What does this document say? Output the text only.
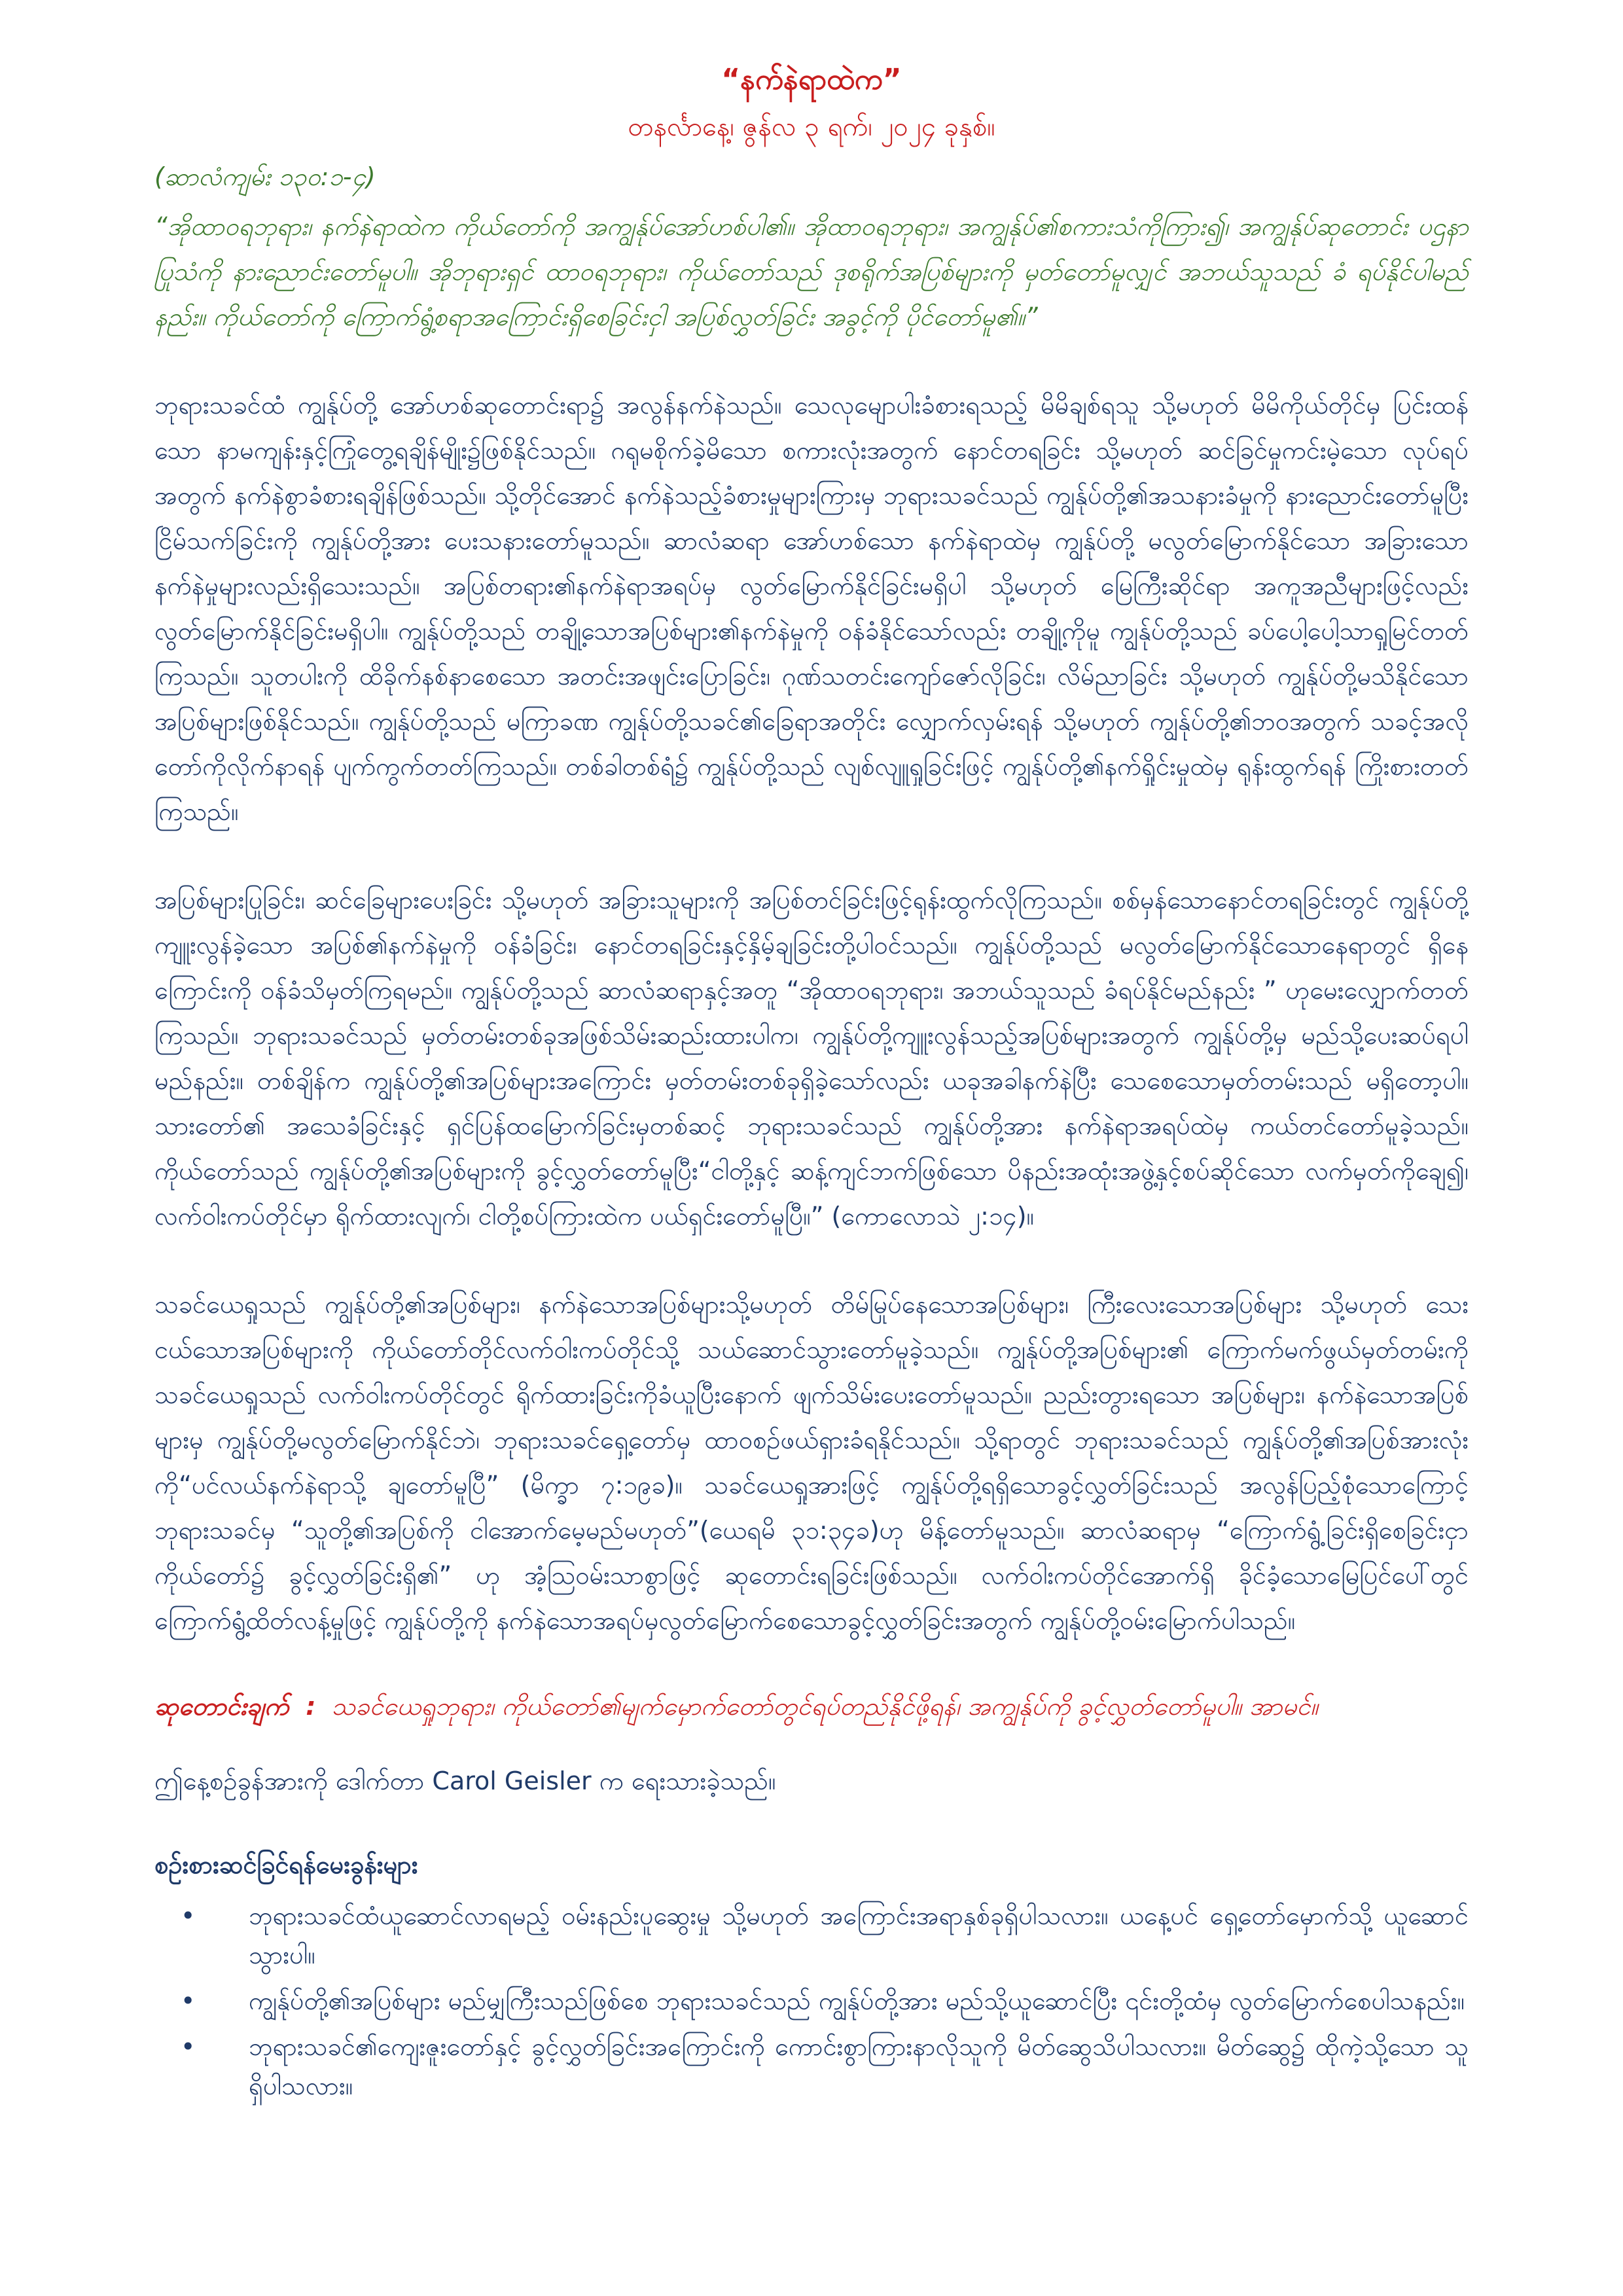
“နက်နဲရာထဲက”
တနင်္လာနေ့၊ ဇွန်လ ၃ ရက်၊ ၂၀၂၄ ခုနှစ်။
(ဆာလံကျမ်း ၁၃၀:၁-၄)
“အိုထာဝရဘုရား၊ နက်နဲရာထဲက ကိုယ်တော်ကို အကျွန်ုပ်အော်ဟစ်ပါ၏။ အိုထာဝရဘုရား၊ အကျွန်ုပ်၏စကားသံကိုကြား၍၊ အကျွန်ုပ်ဆုတောင်း ပဌနာပြုသံကို နားညောင်းတော်မူပါ။ အိုဘုရားရှင် ထာဝရဘုရား၊ ကိုယ်တော်သည် ဒုစရိုက်အပြစ်များကို မှတ်တော်မူလျှင် အဘယ်သူသည် ခံ ရပ်နိုင်ပါမည်နည်း။ ကိုယ်တော်ကို ကြောက်ရွံ့စရာအကြောင်းရှိစေခြင်းငှါ အပြစ်လွှတ်ခြင်း အခွင့်ကို ပိုင်တော်မူ၏။”

ဘုရားသခင်ထံ ကျွန်ုပ်တို့ အော်ဟစ်ဆုတောင်းရာ၌ အလွန်နက်နဲသည်။ သေလုမျောပါးခံစားရသည့် မိမိချစ်ရသူ သို့မဟုတ် မိမိကိုယ်တိုင်မှ ပြင်းထန်သော နာမကျန်းနှင့်ကြုံတွေ့ရချိန်မျိုး၌ဖြစ်နိုင်သည်။ ဂရုမစိုက်ခဲ့မိသော စကားလုံးအတွက် နောင်တရခြင်း သို့မဟုတ် ဆင်ခြင်မှုကင်းမဲ့သော လုပ်ရပ်အတွက် နက်နဲစွာခံစားရချိန်ဖြစ်သည်။ သို့တိုင်အောင် နက်နဲသည့်ခံစားမှုများကြားမှ ဘုရားသခင်သည် ကျွန်ုပ်တို့၏အသနားခံမှုကို နားညောင်းတော်မူပြီး ငြိမ်သက်ခြင်းကို ကျွန်ုပ်တို့အား ပေးသနားတော်မူသည်။ ဆာလံဆရာ အော်ဟစ်သော နက်နဲရာထဲမှ ကျွန်ုပ်တို့ မလွတ်မြောက်နိုင်သော အခြားသောနက်နဲမှုများလည်းရှိသေးသည်။ အပြစ်တရား၏နက်နဲရာအရပ်မှ လွတ်မြောက်နိုင်ခြင်းမရှိပါ သို့မဟုတ် မြေကြီးဆိုင်ရာ အကူအညီများဖြင့်လည်း လွတ်မြောက်နိုင်ခြင်းမရှိပါ။ ကျွန်ုပ်တို့သည် တချို့သောအပြစ်များ၏နက်နဲမှုကို ဝန်ခံနိုင်သော်လည်း တချို့ကိုမူ ကျွန်ုပ်တို့သည် ခပ်ပေါ့ပေါ့သာရှုမြင်တတ်ကြသည်။ သူတပါးကို ထိခိုက်နစ်နာစေသော အတင်းအဖျင်းပြောခြင်း၊ ဂုဏ်သတင်းကျော်ဇော်လိုခြင်း၊ လိမ်ညာခြင်း သို့မဟုတ် ကျွန်ုပ်တို့မသိနိုင်သော အပြစ်များဖြစ်နိုင်သည်။ ကျွန်ုပ်တို့သည် မကြာခဏ ကျွန်ုပ်တို့သခင်၏ခြေရာအတိုင်း လျှောက်လှမ်းရန် သို့မဟုတ် ကျွန်ုပ်တို့၏ဘဝအတွက် သခင့်အလိုတော်ကိုလိုက်နာရန် ပျက်ကွက်တတ်ကြသည်။ တစ်ခါတစ်ရံ၌ ကျွန်ုပ်တို့သည် လျစ်လျူရှုခြင်းဖြင့် ကျွန်ုပ်တို့၏နက်ရှိုင်းမှုထဲမှ ရုန်းထွက်ရန် ကြိုးစားတတ်ကြသည်။

အပြစ်များပြုခြင်း၊ ဆင်ခြေများပေးခြင်း သို့မဟုတ် အခြားသူများကို အပြစ်တင်ခြင်းဖြင့်ရုန်းထွက်လိုကြသည်။ စစ်မှန်သောနောင်တရခြင်းတွင် ကျွန်ုပ်တို့ကျူးလွန်ခဲ့သော အပြစ်၏နက်နဲမှုကို ဝန်ခံခြင်း၊ နောင်တရခြင်းနှင့်နှိမ့်ချခြင်းတို့ပါဝင်သည်။ ကျွန်ုပ်တို့သည် မလွတ်မြောက်နိုင်သောနေရာတွင် ရှိနေကြောင်းကို ဝန်ခံသိမှတ်ကြရမည်။ ကျွန်ုပ်တို့သည် ဆာလံဆရာနှင့်အတူ “အိုထာဝရဘုရား၊ အဘယ်သူသည် ခံရပ်နိုင်မည်နည်း ” ဟုမေးလျှောက်တတ်ကြသည်။ ဘုရားသခင်သည် မှတ်တမ်းတစ်ခုအဖြစ်သိမ်းဆည်းထားပါက၊ ကျွန်ုပ်တို့ကျူးလွန်သည့်အပြစ်များအတွက် ကျွန်ုပ်တို့မှ မည်သို့ပေးဆပ်ရပါမည်နည်း။ တစ်ချိန်က ကျွန်ုပ်တို့၏အပြစ်များအကြောင်း မှတ်တမ်းတစ်ခုရှိခဲ့သော်လည်း ယခုအခါနက်နဲပြီး သေစေသောမှတ်တမ်းသည် မရှိတော့ပါ။ သားတော်၏ အသေခံခြင်းနှင့် ရှင်ပြန်ထမြောက်ခြင်းမှတစ်ဆင့် ဘုရားသခင်သည် ကျွန်ုပ်တို့အား နက်နဲရာအရပ်ထဲမှ ကယ်တင်တော်မူခဲ့သည်။ ကိုယ်တော်သည် ကျွန်ုပ်တို့၏အပြစ်များကို ခွင့်လွှတ်တော်မူပြီး“ငါတို့နှင့် ဆန့်ကျင်ဘက်ဖြစ်သော ပိနည်းအထုံးအဖွဲ့နှင့်စပ်ဆိုင်သော လက်မှတ်ကိုချေ၍၊ လက်ဝါးကပ်တိုင်မှာ ရိုက်ထားလျက်၊ ငါတို့စပ်ကြားထဲက ပယ်ရှင်းတော်မူပြီ။” (ကောလောသဲ ၂:၁၄)။

သခင်ယေရှုသည် ကျွန်ုပ်တို့၏အပြစ်များ၊ နက်နဲသောအပြစ်များသို့မဟုတ် တိမ်မြုပ်နေသောအပြစ်များ၊ ကြီးလေးသောအပြစ်များ သို့မဟုတ် သေးငယ်သောအပြစ်များကို ကိုယ်တော်တိုင်လက်ဝါးကပ်တိုင်သို့ သယ်ဆောင်သွားတော်မူခဲ့သည်။ ကျွန်ုပ်တို့အပြစ်များ၏ ကြောက်မက်ဖွယ်မှတ်တမ်းကို သခင်ယေရှုသည် လက်ဝါးကပ်တိုင်တွင် ရိုက်ထားခြင်းကိုခံယူပြီးနောက် ဖျက်သိမ်းပေးတော်မူသည်။ ညည်းတွားရသော အပြစ်များ၊ နက်နဲသောအပြစ်များမှ ကျွန်ုပ်တို့မလွတ်မြောက်နိုင်ဘဲ၊ ဘုရားသခင်ရှေ့တော်မှ ထာဝစဉ်ဖယ်ရှားခံရနိုင်သည်။ သို့ရာတွင် ဘုရားသခင်သည် ကျွန်ုပ်တို့၏အပြစ်အားလုံးကို“ပင်လယ်နက်နဲရာသို့ ချတော်မူပြီ” (မိက္ခာ ၇:၁၉ခ)။ သခင်ယေရှုအားဖြင့် ကျွန်ုပ်တို့ရရှိသောခွင့်လွှတ်ခြင်းသည် အလွန်ပြည့်စုံသောကြောင့် ဘုရားသခင်မှ “သူတို့၏အပြစ်ကို ငါအောက်မေ့မည်မဟုတ်”(ယေရမိ ၃၁:၃၄ခ)ဟု မိန့်တော်မူသည်။ ဆာလံဆရာမှ “ကြောက်ရွံ့ခြင်းရှိစေခြင်းငှာ ကိုယ်တော်၌ ခွင့်လွှတ်ခြင်းရှိ၏” ဟု အံ့ဩဝမ်းသာစွာဖြင့် ဆုတောင်းရခြင်းဖြစ်သည်။ လက်ဝါးကပ်တိုင်အောက်ရှိ ခိုင်ခံ့သောမြေပြင်ပေါ်တွင် ကြောက်ရွံ့ထိတ်လန့်မှုဖြင့် ကျွန်ုပ်တို့ကို နက်နဲသောအရပ်မှလွတ်မြောက်စေသောခွင့်လွှတ်ခြင်းအတွက် ကျွန်ုပ်တို့ဝမ်းမြောက်ပါသည်။

ဆုတောင်းချက် : သခင်ယေရှုဘုရား၊ ကိုယ်တော်၏မျက်မှောက်တော်တွင်ရပ်တည်နိုင်ဖို့ရန်၊ အကျွန်ုပ်ကို ခွင့်လွှတ်တော်မူပါ။ အာမင်။
ဤနေ့စဉ်ခွန်အားကို ဒေါက်တာ Carol Geisler က ရေးသားခဲ့သည်။
စဉ်းစားဆင်ခြင်ရန်မေးခွန်းများ
• ဘုရားသခင်ထံယူဆောင်လာရမည့် ဝမ်းနည်းပူဆွေးမှု သို့မဟုတ် အကြောင်းအရာနှစ်ခုရှိပါသလား။ ယနေ့ပင် ရှေ့တော်မှောက်သို့ ယူဆောင်သွားပါ။
• ကျွန်ုပ်တို့၏အပြစ်များ မည်မျှကြီးသည်ဖြစ်စေ ဘုရားသခင်သည် ကျွန်ုပ်တို့အား မည်သို့ယူဆောင်ပြီး ၎င်းတို့ထံမှ လွတ်မြောက်စေပါသနည်း။
• ဘုရားသခင်၏ကျေးဇူးတော်နှင့် ခွင့်လွှတ်ခြင်းအကြောင်းကို ကောင်းစွာကြားနာလိုသူကို မိတ်ဆွေသိပါသလား။ မိတ်ဆွေ၌ ထိုကဲ့သို့သော သူ ရှိပါသလား။
